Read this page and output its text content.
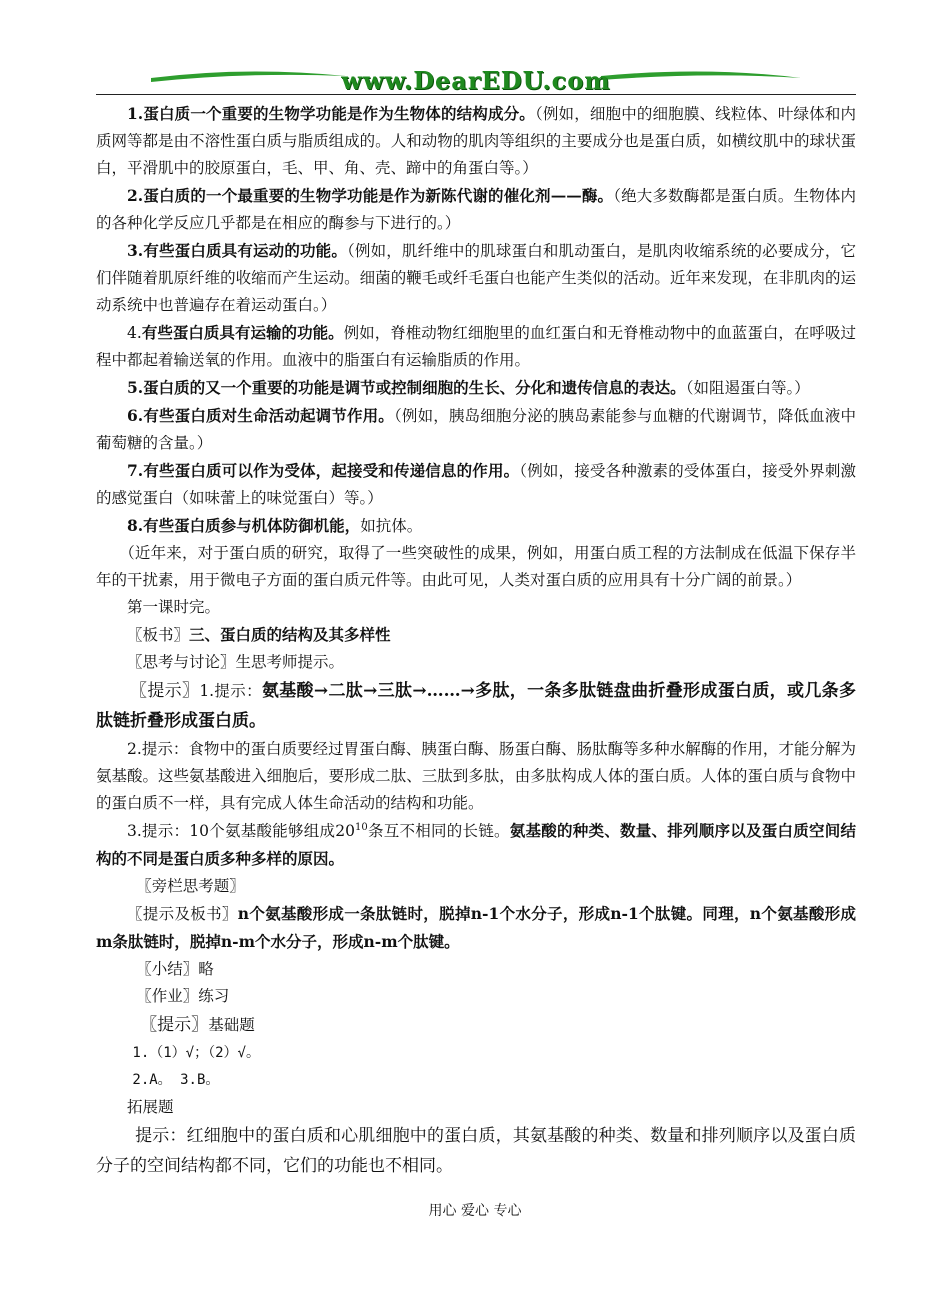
www.DearEDU.com

1.蛋白质一个重要的生物学功能是作为生物体的结构成分。（例如，细胞中的细胞膜、线粒体、叶绿体和内质网等都是由不溶性蛋白质与脂质组成的。人和动物的肌肉等组织的主要成分也是蛋白质，如横纹肌中的球状蛋白，平滑肌中的胶原蛋白，毛、甲、角、壳、蹄中的角蛋白等。）

2.蛋白质的一个最重要的生物学功能是作为新陈代谢的催化剂——酶。（绝大多数酶都是蛋白质。生物体内的各种化学反应几乎都是在相应的酶参与下进行的。）

3.有些蛋白质具有运动的功能。（例如，肌纤维中的肌球蛋白和肌动蛋白，是肌肉收缩系统的必要成分，它们伴随着肌原纤维的收缩而产生运动。细菌的鞭毛或纤毛蛋白也能产生类似的活动。近年来发现，在非肌肉的运动系统中也普遍存在着运动蛋白。）

4.有些蛋白质具有运输的功能。例如，脊椎动物红细胞里的血红蛋白和无脊椎动物中的血蓝蛋白，在呼吸过程中都起着输送氧的作用。血液中的脂蛋白有运输脂质的作用。

5.蛋白质的又一个重要的功能是调节或控制细胞的生长、分化和遗传信息的表达。（如阻遏蛋白等。）

6.有些蛋白质对生命活动起调节作用。（例如，胰岛细胞分泌的胰岛素能参与血糖的代谢调节，降低血液中葡萄糖的含量。）

7.有些蛋白质可以作为受体，起接受和传递信息的作用。（例如，接受各种激素的受体蛋白，接受外界刺激的感觉蛋白（如味蕾上的味觉蛋白）等。）

8.有些蛋白质参与机体防御机能，如抗体。

（近年来，对于蛋白质的研究，取得了一些突破性的成果，例如，用蛋白质工程的方法制成在低温下保存半年的干扰素，用于微电子方面的蛋白质元件等。由此可见，人类对蛋白质的应用具有十分广阔的前景。）

第一课时完。

〖板书〗三、蛋白质的结构及其多样性

〖思考与讨论〗生思考师提示。

〖提示〗1.提示：氨基酸→二肽→三肽→……→多肽，一条多肽链盘曲折叠形成蛋白质，或几条多肽链折叠形成蛋白质。

2.提示：食物中的蛋白质要经过胃蛋白酶、胰蛋白酶、肠蛋白酶、肠肽酶等多种水解酶的作用，才能分解为氨基酸。这些氨基酸进入细胞后，要形成二肽、三肽到多肽，由多肽构成人体的蛋白质。人体的蛋白质与食物中的蛋白质不一样，具有完成人体生命活动的结构和功能。

3.提示：10个氨基酸能够组成$20^{10}$条互不相同的长链。氨基酸的种类、数量、排列顺序以及蛋白质空间结构的不同是蛋白质多种多样的原因。

〖旁栏思考题〗

〖提示及板书〗n个氨基酸形成一条肽链时，脱掉n-1个水分子，形成n-1个肽键。同理，n个氨基酸形成m条肽链时，脱掉n-m个水分子，形成n-m个肽键。

〖小结〗略

〖作业〗练习

〖提示〗基础题

1.（1）√；（2）√。

2.A。 3.B。

拓展题

提示：红细胞中的蛋白质和心肌细胞中的蛋白质，其氨基酸的种类、数量和排列顺序以及蛋白质分子的空间结构都不同，它们的功能也不相同。

用心 爱心 专心
